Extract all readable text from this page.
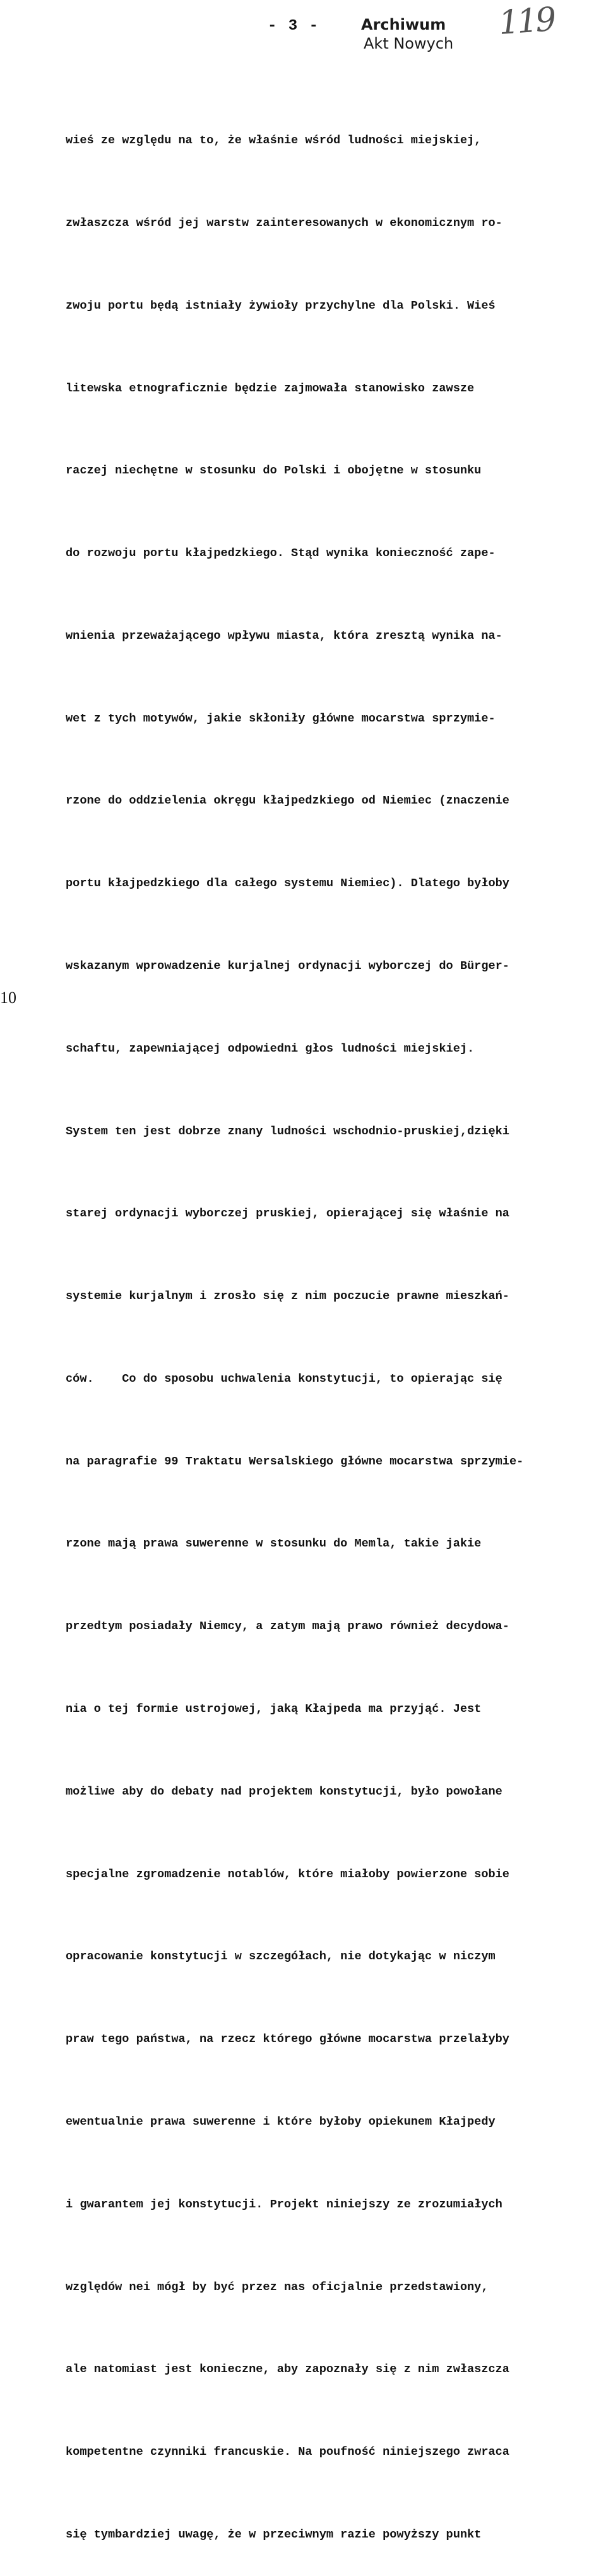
- 3 -	Archiwum
Akt Nowych
119

wieś ze względu na to, że właśnie wśród ludności miejskiej,

zwłaszcza wśród jej warstw zainteresowanych w ekonomicznym ro-

zwoju portu będą istniały żywioły przychylne dla Polski. Wieś

litewska etnograficznie będzie zajmowała stanowisko zawsze

raczej niechętne w stosunku do Polski i obojętne w stosunku

do rozwoju portu kłajpedzkiego. Stąd wynika konieczność zape-

wnienia przeważającego wpływu miasta, która zresztą wynika na-

wet z tych motywów, jakie skłoniły główne mocarstwa sprzymie-

rzone do oddzielenia okręgu kłajpedzkiego od Niemiec (znaczenie

portu kłajpedzkiego dla całego systemu Niemiec). Dlatego byłoby

wskazanym wprowadzenie kurjalnej ordynacji wyborczej do Bürger-

schaftu, zapewniającej odpowiedni głos ludności miejskiej.

System ten jest dobrze znany ludności wschodnio-pruskiej,dzięki

starej ordynacji wyborczej pruskiej, opierającej się właśnie na

systemie kurjalnym i zrosło się z nim poczucie prawne mieszkań-

ców.    Co do sposobu uchwalenia konstytucji, to opierając się

na paragrafie 99 Traktatu Wersalskiego główne mocarstwa sprzymie-

rzone mają prawa suwerenne w stosunku do Memla, takie jakie

przedtym posiadały Niemcy, a zatym mają prawo również decydowa-

nia o tej formie ustrojowej, jaką Kłajpeda ma przyjąć. Jest

możliwe aby do debaty nad projektem konstytucji, było powołane

specjalne zgromadzenie notablów, które miałoby powierzone sobie

opracowanie konstytucji w szczegółach, nie dotykając w niczym

praw tego państwa, na rzecz którego główne mocarstwa przelałyby

ewentualnie prawa suwerenne i które byłoby opiekunem Kłajpedy

i gwarantem jej konstytucji. Projekt niniejszy ze zrozumiałych

względów nei mógł by być przez nas oficjalnie przedstawiony,

ale natomiast jest konieczne, aby zapoznały się z nim zwłaszcza

kompetentne czynniki francuskie. Na poufność niniejszego zwraca

się tymbardziej uwagę, że w przeciwnym razie powyższy punkt

10
